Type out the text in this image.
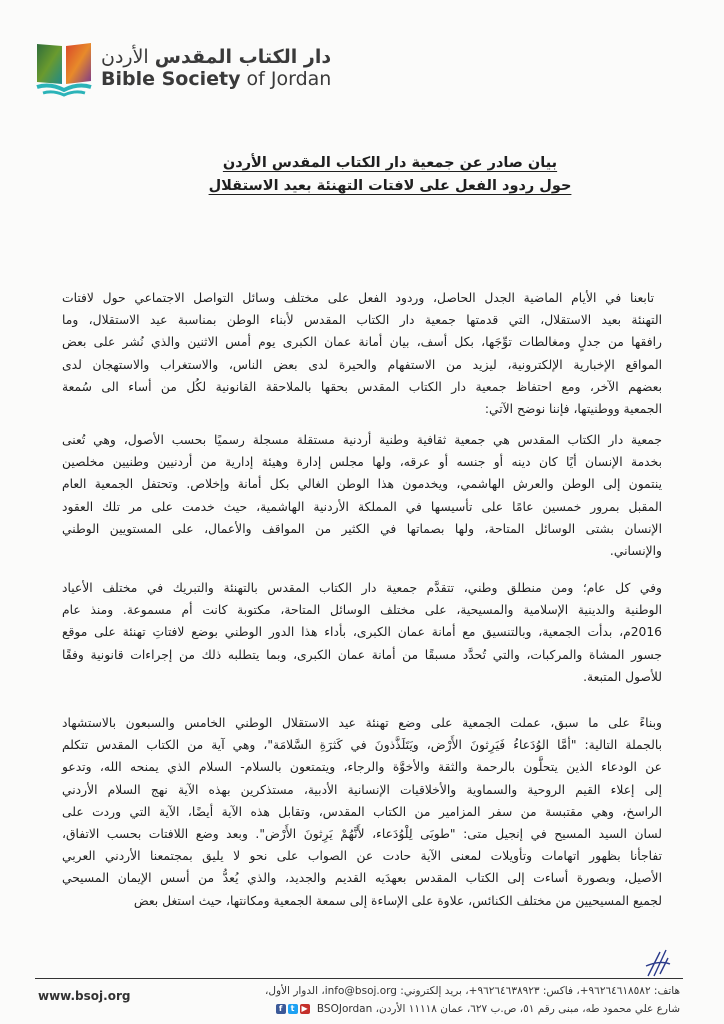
دار الكتاب المقدس الأردن
Bible Society of Jordan
بيان صادر عن جمعية دار الكتاب المقدس الأردن
حول ردود الفعل على لافتات التهنئة بعيد الاستقلال
تابعنا في الأيام الماضية الجدل الحاصل، وردود الفعل على مختلف وسائل التواصل الاجتماعي حول لافتات
التهنئة بعيد الاستقلال، التي قدمتها جمعية دار الكتاب المقدس لأبناء الوطن بمناسبة عيد الاستقلال، وما
رافقها من جدلٍ ومغالطات توِّجَها، بكل أسف، بيان أمانة عمان الكبرى يوم أمس الاثنين والذي نُشر على بعض
المواقع الإخبارية الإلكترونية، ليزيد من الاستفهام والحيرة لدى بعض الناس، والاستغراب والاستهجان لدى
بعضهم الآخر، ومع احتفاظ جمعية دار الكتاب المقدس بحقها بالملاحقة القانونية لكُل من أساء الى سُمعة
الجمعية ووطنيتها، فإننا نوضح الآتي:
جمعية دار الكتاب المقدس هي جمعية ثقافية وطنية أردنية مستقلة مسجلة رسميًا بحسب الأصول، وهي تُعنى
بخدمة الإنسان أيًا كان دينه أو جنسه أو عرقه، ولها مجلس إدارة وهيئة إدارية من أردنيين وطنيين مخلصين
ينتمون إلى الوطن والعرش الهاشمي، ويخدمون هذا الوطن الغالي بكل أمانة وإخلاص. وتحتفل الجمعية العام
المقبل بمرور خمسين عامًا على تأسيسها في المملكة الأردنية الهاشمية، حيث خدمت على مر تلك العقود
الإنسان بشتى الوسائل المتاحة، ولها بصماتها في الكثير من المواقف والأعمال، على المستويين الوطني
والإنساني.
وفي كل عام؛ ومن منطلق وطني، تتقدَّم جمعية دار الكتاب المقدس بالتهنئة والتبريك في مختلف الأعياد
الوطنية والدينية الإسلامية والمسيحية، على مختلف الوسائل المتاحة، مكتوبة كانت أم مسموعة. ومنذ عام
2016م، بدأت الجمعية، وبالتنسيق مع أمانة عمان الكبرى، بأداء هذا الدور الوطني بوضع لافتاتِ تهنئة على موقع
جسور المشاة والمركبات، والتي تُحدَّد مسبقًا من أمانة عمان الكبرى، وبما يتطلبه ذلك من إجراءات قانونية وفقًا
للأصول المتبعة.
وبناءً على ما سبق، عملت الجمعية على وضع تهنئة عيد الاستقلال الوطني الخامس والسبعون بالاستشهاد
بالجملة التالية: "أمَّا الوُدَعاءُ فَيَرِثونَ الأَرْض، ويَتَلَذَّذونَ في كَثرَةِ السَّلامَة"، وهي آية من الكتاب المقدس تتكلم
عن الودعاء الذين يتحلَّون بالرحمة والثقة والأخوَّة والرجاء، ويتمتعون بالسلام- السلام الذي يمنحه الله، وتدعو
إلى إعلاء القيم الروحية والسماوية والأخلاقيات الإنسانية الأدبية، مستذكرين بهذه الآية نهج السلام الأردني
الراسخ، وهي مقتبسة من سفر المزامير من الكتاب المقدس، وتقابل هذه الآية أيضًا، الآية التي وردت على
لسان السيد المسيح في إنجيل متى: "طوبَى لِلْوُدَعاء، لأَنَّهُمْ يَرِثونَ الأَرْض". وبعد وضع اللافتات بحسب الاتفاق،
تفاجأنا بظهور اتهامات وتأويلات لمعنى الآية حادت عن الصواب على نحو لا يليق بمجتمعنا الأردني العربي
الأصيل، وبصورة أساءت إلى الكتاب المقدس بعهدَيه القديم والجديد، والذي يُعدُّ من أسس الإيمان المسيحي
لجميع المسيحيين من مختلف الكنائس، علاوة على الإساءة إلى سمعة الجمعية ومكانتها، حيث استغل بعض
www.bsoj.org	هاتف: ٩٦٢٦٤٦١٨٥٨٢+، فاكس: ٩٦٢٦٤٦٣٨٩٢٣+، بريد إلكتروني: info@bsoj.org، الدوار الأول،
شارع علي محمود طه، مبنى رقم ٥١، ص.ب ٦٢٧، عمان ١١١١٨ الأردن، BSOJordan
▶
t
f
